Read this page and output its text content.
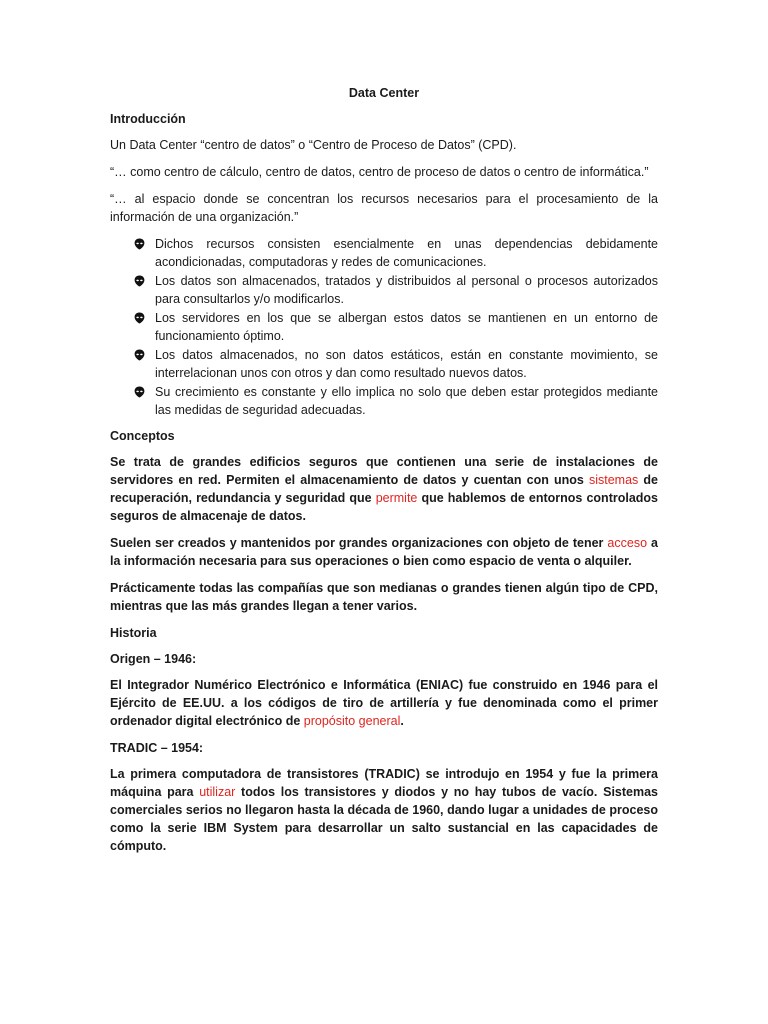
Data Center
Introducción

Un Data Center “centro de datos” o “Centro de Proceso de Datos” (CPD).

“… como centro de cálculo, centro de datos, centro de proceso de datos o centro de informática.”

“… al espacio donde se concentran los recursos necesarios para el procesamiento de la información de una organización.”

Dichos recursos consisten esencialmente en unas dependencias debidamente acondicionadas, computadoras y redes de comunicaciones.
Los datos son almacenados, tratados y distribuidos al personal o procesos autorizados para consultarlos y/o modificarlos.
Los servidores en los que se albergan estos datos se mantienen en un entorno de funcionamiento óptimo.
Los datos almacenados, no son datos estáticos, están en constante movimiento, se interrelacionan unos con otros y dan como resultado nuevos datos.
Su crecimiento es constante y ello implica no solo que deben estar protegidos mediante las medidas de seguridad adecuadas.
Conceptos

Se trata de grandes edificios seguros que contienen una serie de instalaciones de servidores en red. Permiten el almacenamiento de datos y cuentan con unos sistemas de recuperación, redundancia y seguridad que permite que hablemos de entornos controlados seguros de almacenaje de datos.

Suelen ser creados y mantenidos por grandes organizaciones con objeto de tener acceso a la información necesaria para sus operaciones o bien como espacio de venta o alquiler.

Prácticamente todas las compañías que son medianas o grandes tienen algún tipo de CPD, mientras que las más grandes llegan a tener varios.

Historia
Origen – 1946:

El Integrador Numérico Electrónico e Informática (ENIAC) fue construido en 1946 para el Ejército de EE.UU. a los códigos de tiro de artillería y fue denominada como el primer ordenador digital electrónico de propósito general.

TRADIC – 1954:

La primera computadora de transistores (TRADIC) se introdujo en 1954 y fue la primera máquina para utilizar todos los transistores y diodos y no hay tubos de vacío. Sistemas comerciales serios no llegaron hasta la década de 1960, dando lugar a unidades de proceso como la serie IBM System para desarrollar un salto sustancial en las capacidades de cómputo.
